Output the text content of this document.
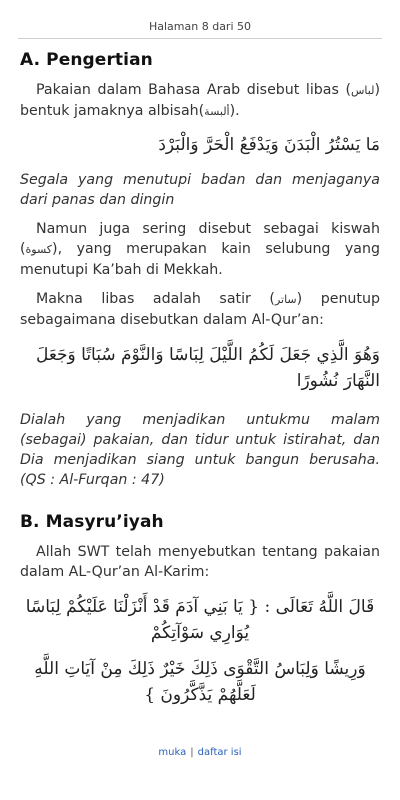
Halaman 8 dari 50
A. Pengertian

Pakaian dalam Bahasa Arab disebut libas (لباس) bentuk jamaknya albisah(ألبسة).

مَا يَسْتُرُ الْبَدَنَ وَيَدْفَعُ الْحَرَّ وَالْبَرْدَ

Segala yang menutupi badan dan menjaganya dari panas dan dingin

Namun juga sering disebut sebagai kiswah (كسوة), yang merupakan kain selubung yang menutupi Ka’bah di Mekkah.

Makna libas adalah satir (ساتر) penutup sebagaimana disebutkan dalam Al-Qur’an:

وَهُوَ الَّذِي جَعَلَ لَكُمُ اللَّيْلَ لِبَاسًا وَالنَّوْمَ سُبَاتًا وَجَعَلَ النَّهَارَ نُشُورًا

Dialah yang menjadikan untukmu malam (sebagai) pakaian, dan tidur untuk istirahat, dan Dia menjadikan siang untuk bangun berusaha. (QS : Al-Furqan : 47)

B. Masyru’iyah

Allah SWT telah menyebutkan tentang pakaian dalam AL-Qur’an Al-Karim:

قَالَ اللَّهُ تَعَالَى : { يَا بَنِي آدَمَ قَدْ أَنْزَلْنَا عَلَيْكُمْ لِبَاسًا يُوَارِي سَوْآتِكُمْ
وَرِيشًا وَلِبَاسُ التَّقْوَى ذَلِكَ خَيْرٌ ذَلِكَ مِنْ آيَاتِ اللَّهِ لَعَلَّهُمْ يَذَّكَّرُونَ }
muka | daftar isi
